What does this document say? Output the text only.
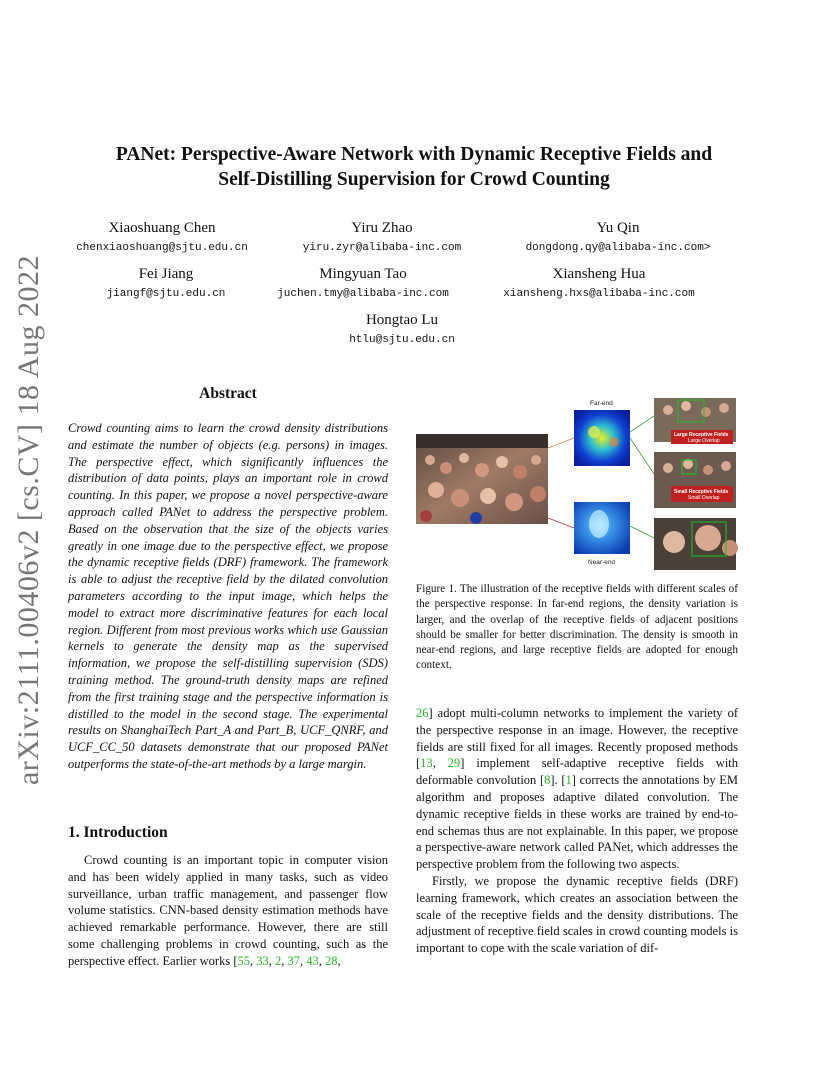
arXiv:2111.00406v2 [cs.CV] 18 Aug 2022
PANet: Perspective-Aware Network with Dynamic Receptive Fields and
Self-Distilling Supervision for Crowd Counting
Xiaoshuang Chen
chenxiaoshuang@sjtu.edu.cn
Yiru Zhao
yiru.zyr@alibaba-inc.com
Yu Qin
dongdong.qy@alibaba-inc.com>
Fei Jiang
jiangf@sjtu.edu.cn
Mingyuan Tao
juchen.tmy@alibaba-inc.com
Xiansheng Hua
xiansheng.hxs@alibaba-inc.com
Hongtao Lu
htlu@sjtu.edu.cn
Abstract
Crowd counting aims to learn the crowd density distributions and estimate the number of objects (e.g. persons) in images. The perspective effect, which significantly influences the distribution of data points, plays an important role in crowd counting. In this paper, we propose a novel perspective-aware approach called PANet to address the perspective problem. Based on the observation that the size of the objects varies greatly in one image due to the perspective effect, we propose the dynamic receptive fields (DRF) framework. The framework is able to adjust the receptive field by the dilated convolution parameters according to the input image, which helps the model to extract more discriminative features for each local region. Different from most previous works which use Gaussian kernels to generate the density map as the supervised information, we propose the self-distilling supervision (SDS) training method. The ground-truth density maps are refined from the first training stage and the perspective information is distilled to the model in the second stage. The experimental results on ShanghaiTech Part_A and Part_B, UCF_QNRF, and UCF_CC_50 datasets demonstrate that our proposed PANet outperforms the state-of-the-art methods by a large margin.
1. Introduction

Crowd counting is an important topic in computer vision and has been widely applied in many tasks, such as video surveillance, urban traffic management, and passenger flow volume statistics. CNN-based density estimation methods have achieved remarkable performance. However, there are still some challenging problems in crowd counting, such as the perspective effect. Earlier works [55, 33, 2, 37, 43, 28,

Far-end
Near-end
Large Receptive Fields
Large Overlap
Small Receptive Fields
Small Overlap
Figure 1. The illustration of the receptive fields with different scales of the perspective response. In far-end regions, the density variation is larger, and the overlap of the receptive fields of adjacent positions should be smaller for better discrimination. The density is smooth in near-end regions, and large receptive fields are adopted for enough context.

26] adopt multi-column networks to implement the variety of the perspective response in an image. However, the receptive fields are still fixed for all images. Recently proposed methods [13, 29] implement self-adaptive receptive fields with deformable convolution [8]. [1] corrects the annotations by EM algorithm and proposes adaptive dilated convolution. The dynamic receptive fields in these works are trained by end-to-end schemas thus are not explainable. In this paper, we propose a perspective-aware network called PANet, which addresses the perspective problem from the following two aspects.

Firstly, we propose the dynamic receptive fields (DRF) learning framework, which creates an association between the scale of the receptive fields and the density distributions. The adjustment of receptive field scales in crowd counting models is important to cope with the scale variation of dif-
